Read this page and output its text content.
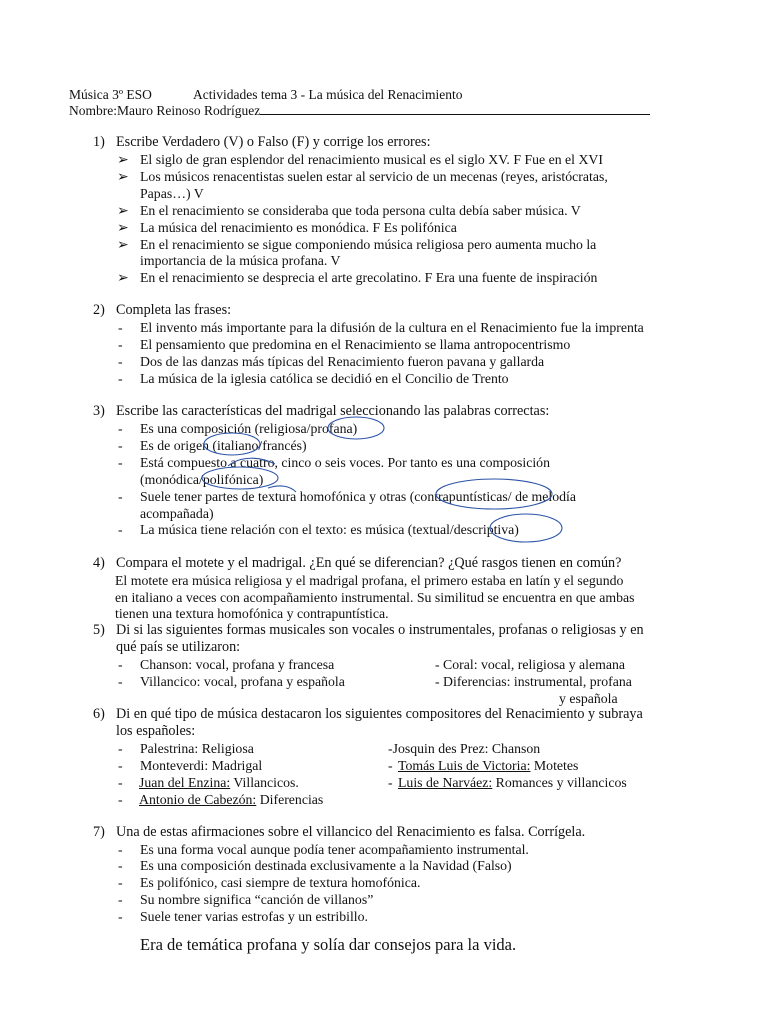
Música 3º ESO	Actividades tema 3 - La música del Renacimiento
Nombre:Mauro Reinoso Rodríguez
1) Escribe Verdadero (V) o Falso (F) y corrige los errores:
➢ El siglo de gran esplendor del renacimiento musical es el siglo XV. F Fue en el XVI
➢ Los músicos renacentistas suelen estar al servicio de un mecenas (reyes, aristócratas,
Papas…) V
➢ En el renacimiento se consideraba que toda persona culta debía saber música. V
➢ La música del renacimiento es monódica. F Es polifónica
➢ En el renacimiento se sigue componiendo música religiosa pero aumenta mucho la
importancia de la música profana. V
➢ En el renacimiento se desprecia el arte grecolatino. F Era una fuente de inspiración
2) Completa las frases:
- El invento más importante para la difusión de la cultura en el Renacimiento fue la imprenta
- El pensamiento que predomina en el Renacimiento se llama antropocentrismo
- Dos de las danzas más típicas del Renacimiento fueron pavana y gallarda
- La música de la iglesia católica se decidió en el Concilio de Trento
3) Escribe las características del madrigal seleccionando las palabras correctas:
- Es una composición (religiosa/profana)
- Es de origen (italiano/francés)
- Está compuesto a cuatro, cinco o seis voces. Por tanto es una composición
(monódica/polifónica)
- Suele tener partes de textura homofónica y otras (contrapuntísticas/ de melodía
acompañada)
- La música tiene relación con el texto: es música (textual/descriptiva)
4) Compara el motete y el madrigal. ¿En qué se diferencian? ¿Qué rasgos tienen en común?
El motete era música religiosa y el madrigal profana, el primero estaba en latín y el segundo
en italiano a veces con acompañamiento instrumental. Su similitud se encuentra en que ambas
tienen una textura homofónica y contrapuntística.
5) Di si las siguientes formas musicales son vocales o instrumentales, profanas o religiosas y en
qué país se utilizaron:
- Chanson: vocal, profana y francesa	- Coral: vocal, religiosa y alemana
- Villancico: vocal, profana y española	- Diferencias: instrumental, profana
y española
6) Di en qué tipo de música destacaron los siguientes compositores del Renacimiento y subraya
los españoles:
- Palestrina: Religiosa	-Josquin des Prez: Chanson
- Monteverdi: Madrigal	- Tomás Luis de Victoria: Motetes
- Juan del Enzina: Villancicos.	- Luis de Narváez: Romances y villancicos
- Antonio de Cabezón: Diferencias
7) Una de estas afirmaciones sobre el villancico del Renacimiento es falsa. Corrígela.
- Es una forma vocal aunque podía tener acompañamiento instrumental.
- Es una composición destinada exclusivamente a la Navidad (Falso)
- Es polifónico, casi siempre de textura homofónica.
- Su nombre significa “canción de villanos”
- Suele tener varias estrofas y un estribillo.
Era de temática profana y solía dar consejos para la vida.
